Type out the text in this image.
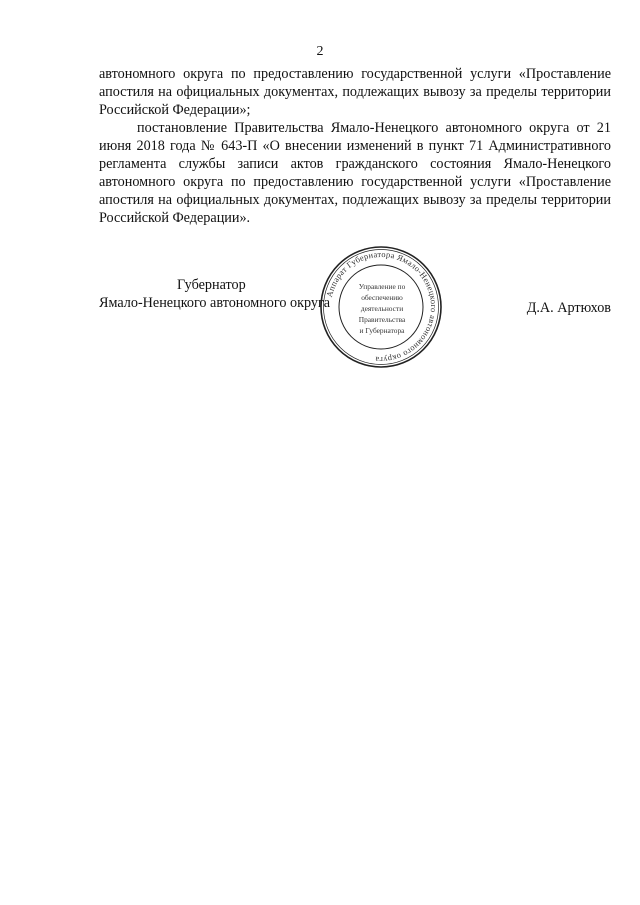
2

автономного округа по предоставлению государственной услуги «Проставление апостиля на официальных документах, подлежащих вывозу за пределы территории Российской Федерации»;

постановление Правительства Ямало-Ненецкого автономного округа от 21 июня 2018 года № 643-П «О внесении изменений в пункт 71 Административного регламента службы записи актов гражданского состояния Ямало-Ненецкого автономного округа по предоставлению государственной услуги «Проставление апостиля на официальных документах, подлежащих вывозу за пределы территории Российской Федерации».

Губернатор
Ямало-Ненецкого автономного округа	Д.А. Артюхов
Аппарат Губернатора Ямало-Ненецкого автономного округа
Управление по
обеспечению
деятельности
Правительства
и Губернатора
